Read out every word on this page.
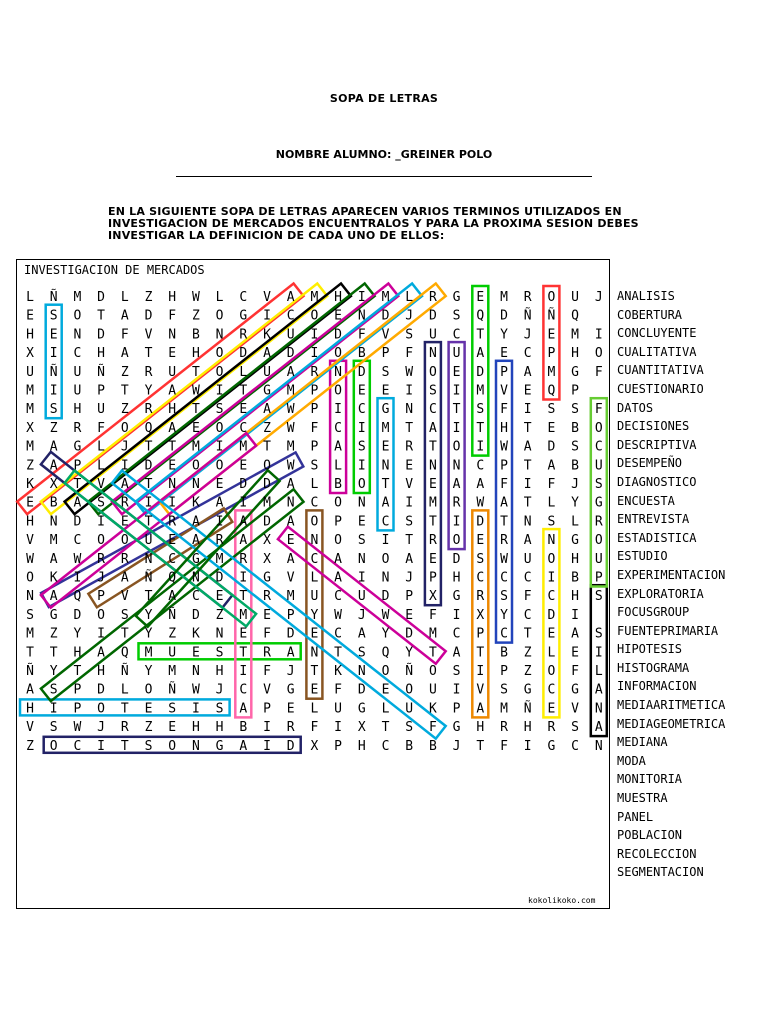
SOPA DE LETRAS
NOMBRE ALUMNO: _GREINER POLO
EN LA SIGUIENTE SOPA DE LETRAS APARECEN VARIOS TERMINOS UTILIZADOS EN INVESTIGACION DE MERCADOS ENCUENTRALOS Y PARA LA PROXIMA SESION DEBES INVESTIGAR LA DEFINICION DE CADA UNO DE ELLOS:
INVESTIGACION DE MERCADOS
L Ñ M D L Z H W L C V A M H I M L R G E M R O U J
E S O T A D F Z O G I C O E N D J D S Q D Ñ Ñ Q
H E N D F V N B N R K U I D F V S U C T Y J E M I
X I C H A T E H O D A D I O B P F N U A E C P H O
U Ñ U Ñ Z R U T O L U A R N D S W O E D P A M G F
M I U P T Y A W I T G M P O E E I S I M V E Q P
M S H U Z R H T S E A W P I C G N C T S F I S S F
X Z R F O Q A E O C Z W F C I M T A I T H T E B O
M A G L J T T M I M T M P A S E R T O I W A D S C
Z A P L I D E O O E O W S L I N E N N C P T A B U
K X T V A T N N E D D A L B O T V E A A F I F J S
E B A S R I I K A I M N C O N A I M R W A T L Y G
H N D I E T R A I A D A O P E C S T I D T N S L R
V M C O O U E A R A X E N O S I T R O E R A N G O
W A W R R N C G M R X A C A N O A E D S W U O H U
O K I J A Ñ Q N D I G V L A I N J P H C C C I B P
N A Q P V T A C E T R M U C U D P X G R S F C H S
S G D O S Y Ñ D Z M E P Y W J W E F I X Y C D I
M Z Y I T Y Z K N E F D E C A Y D M C P C T E A S
T T H A Q M U E S T R A N T S Q Y T A T B Z L E I
Ñ Y T H Ñ Y M N H I F J T K N O Ñ O S I P Z O F L
A S P D L O Ñ W J C V G E F D E O U I V S G C G A
H I P O T E S I S A P E L U G L U K P A M Ñ E V N
V S W J R Z E H H B I R F I X T S F G H R H R S A
Z O C I T S O N G A I D X P H C B B J T F I G C N
ANALISIS
COBERTURA
CONCLUYENTE
CUALITATIVA
CUANTITATIVA
CUESTIONARIO
DATOS
DECISIONES
DESCRIPTIVA
DESEMPEÑO
DIAGNOSTICO
ENCUESTA
ENTREVISTA
ESTADISTICA
ESTUDIO
EXPERIMENTACION
EXPLORATORIA
FOCUSGROUP
FUENTEPRIMARIA
HIPOTESIS
HISTOGRAMA
INFORMACION
MEDIAARITMETICA
MEDIAGEOMETRICA
MEDIANA
MODA
MONITORIA
MUESTRA
PANEL
POBLACION
RECOLECCION
SEGMENTACION
kokolikoko.com
